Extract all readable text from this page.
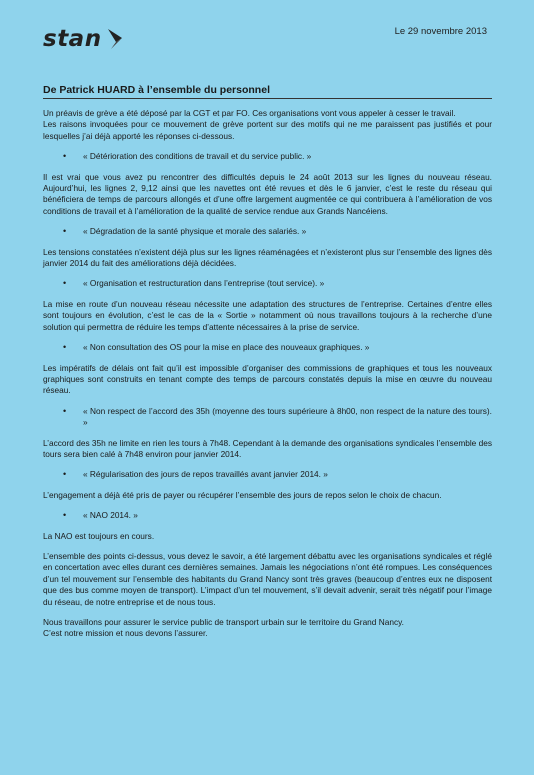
stan	Le 29 novembre 2013
De Patrick HUARD à l’ensemble du personnel

Un préavis de grève a été déposé par la CGT et par FO. Ces organisations vont vous appeler à cesser le travail.
Les raisons invoquées pour ce mouvement de grève portent sur des motifs qui ne me paraissent pas justifiés et pour lesquelles j’ai déjà apporté les réponses ci-dessous.

•	« Détérioration des conditions de travail et du service public. »

Il est vrai que vous avez pu rencontrer des difficultés depuis le 24 août 2013 sur les lignes du nouveau réseau. Aujourd’hui, les lignes 2, 9,12 ainsi que les navettes ont été revues et dès le 6 janvier, c’est le reste du réseau qui bénéficiera de temps de parcours allongés et d’une offre largement augmentée ce qui contribuera à l’amélioration de vos conditions de travail et à l’amélioration de la qualité de service rendue aux Grands Nancéiens.

•	« Dégradation de la santé physique et morale des salariés. »

Les tensions constatées n’existent déjà plus sur les lignes réaménagées et n’existeront plus sur l’ensemble des lignes dès janvier 2014 du fait des améliorations déjà décidées.

•	« Organisation et restructuration dans l’entreprise (tout service). »

La mise en route d’un nouveau réseau nécessite une adaptation des structures de l’entreprise. Certaines d’entre elles sont toujours en évolution, c’est le cas de la « Sortie » notamment où nous travaillons toujours à la recherche d’une solution qui permettra de réduire les temps d’attente nécessaires à la prise de service.

•	« Non consultation des OS pour la mise en place des nouveaux graphiques. »

Les impératifs de délais ont fait qu’il est impossible d’organiser des commissions de graphiques et tous les nouveaux graphiques sont construits en tenant compte des temps de parcours constatés depuis la mise en œuvre du nouveau réseau.

•	« Non respect de l’accord des 35h (moyenne des tours supérieure à 8h00, non respect de la nature des tours). »

L’accord des 35h ne limite en rien les tours à 7h48. Cependant à la demande des organisations syndicales l’ensemble des tours sera bien calé à 7h48 environ pour janvier 2014.

•	« Régularisation des jours de repos travaillés avant janvier 2014. »

L’engagement a déjà été pris de payer ou récupérer l’ensemble des jours de repos selon le choix de chacun.

•	« NAO 2014. »

La NAO est toujours en cours.

L’ensemble des points ci-dessus, vous devez le savoir, a été largement débattu avec les organisations syndicales et réglé en concertation avec elles durant ces dernières semaines. Jamais les négociations n’ont été rompues. Les conséquences d’un tel mouvement sur l’ensemble des habitants du Grand Nancy sont très graves (beaucoup d’entres eux ne disposent que des bus comme moyen de transport). L’impact d’un tel mouvement, s’il devait advenir, serait très négatif pour l’image du réseau, de notre entreprise et de nous tous.

Nous travaillons pour assurer le service public de transport urbain sur le territoire du Grand Nancy.
C’est notre mission et nous devons l’assurer.
